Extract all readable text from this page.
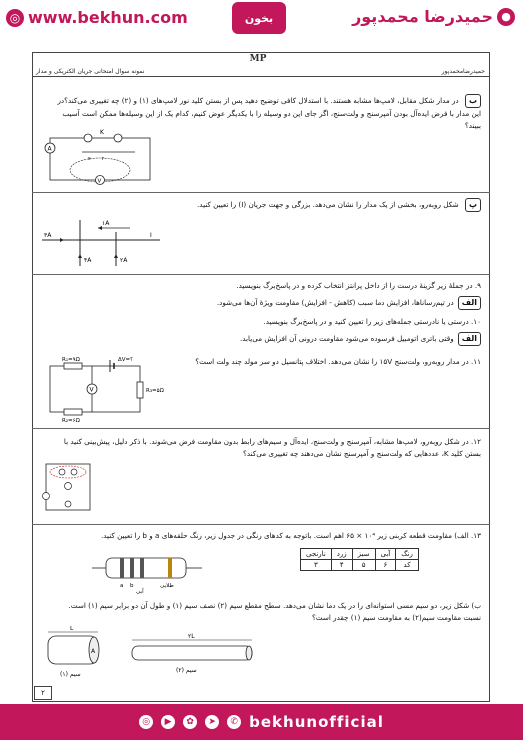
◎ www.bekhun.com	بخون	●
حمیدرضا محمدپور
MP
نمونه سوال امتحانی جریان الکتریکی و مدار	حمیدرضامحمدپور
ب در مدار شکل مقابل، لامپ‌ها مشابه هستند. با استدلال کافی توضیح دهید پس از بستن کلید نور لامپ‌های (۱) و (۲) چه تغییری می‌کند؟در این مدار با فرض ایده‌آل بودن آمپرسنج و ولت‌سنج، اگر جای این دو وسیله را با یکدیگر عوض کنیم، کدام یک از این وسیله‌ها ممکن است آسیب ببیند؟
A
K
ε r
V
پ شکل روبه‌رو، بخشی از یک مدار را نشان می‌دهد. بزرگی و جهت جریان (I) را تعیین کنید.
۱A
۳A	I
۴A	۲A
۹. در جملهٔ زیر گزینهٔ درست را از داخل پرانتز انتخاب کرده و در پاسخ‌برگ بنویسید.
الفدر تیم‌رسانا‌ها، افزایش دما سبب (کاهش - افزایش) مقاومت ویژهٔ آن‌ها می‌شود.
۱۰. درستی یا نادرستی جمله‌های زیر را تعیین کنید و در پاسخ‌برگ بنویسید.
الفوقتی باتری اتومبیل فرسوده می‌شود مقاومت درونی آن افزایش می‌یابد.
۱۱. در مدار روبه‌رو، ولت‌سنج ۱۵V را نشان می‌دهد. اختلاف پتانسیل دو سر مولد چند ولت است؟
R₁=۹Ω	ΔV=؟
V	R₃=۵Ω
R₂=۶Ω
۱۲. در شکل روبه‌رو، لامپ‌ها مشابه، آمپرسنج و ولت‌سنج، ایده‌آل و سیم‌های رابط بدون مقاومت فرض می‌شوند. با ذکر دلیل، پیش‌بینی کنید با بستن کلید K، عددهایی که ولت‌سنج و آمپرسنج نشان می‌دهند چه تغییری می‌کند؟
۱۳. الف) مقاومت قطعه کربنی زیر ۱۰⁴ × ۶۵ اهم است. باتوجه به کدهای رنگی در جدول زیر، رنگ حلقه‌های a و b را تعیین کنید.
رنگ	آبی	سبز	زرد	نارنجی
کد	۶	۵	۴	۳
a b	طلایی
آبی
ب) شکل زیر، دو سیم مسی استوانه‌ای را در یک دما نشان می‌دهد. سطح مقطع سیم (۲) نصف سیم (۱) و طول آن دو برابر سیم (۱) است. نسبت مقاومت سیم(۲) به مقاومت سیم (۱) چقدر است؟
A
L
سیم (۱)
۲L
سیم (۲)
۲
◎	▶	✿	➤	✆ bekhunofficial
